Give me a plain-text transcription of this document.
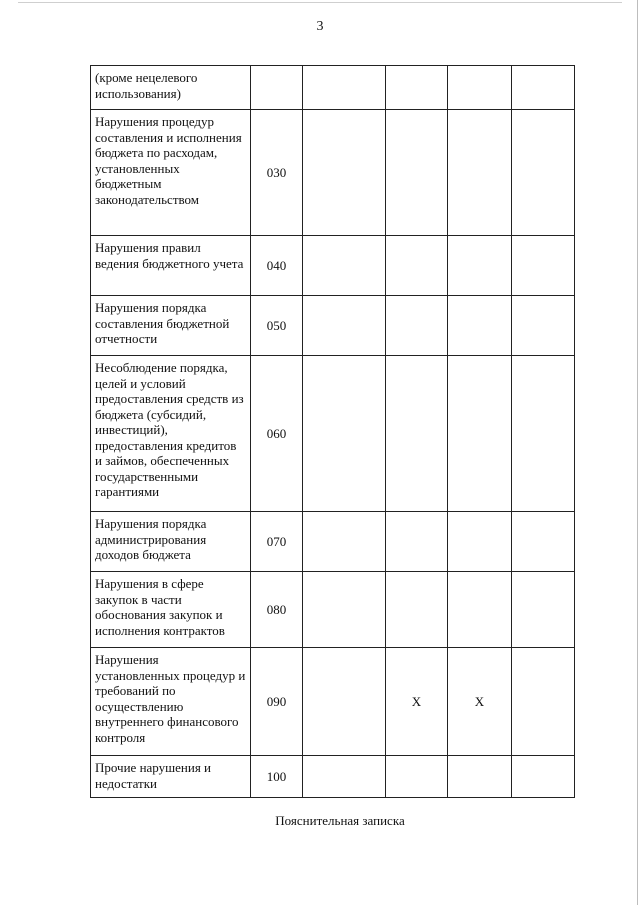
3
(кроме нецелевого использования)					
Нарушения процедур составления и исполнения бюджета по расходам, установленных бюджетным законодательством	030				
Нарушения правил ведения бюджетного учета	040				
Нарушения порядка составления бюджетной отчетности	050				
Несоблюдение порядка, целей и условий предоставления средств из бюджета (субсидий, инвестиций), предоставления кредитов и займов, обеспеченных государственными гарантиями	060				
Нарушения порядка администрирования доходов бюджета	070				
Нарушения в сфере закупок в части обоснования закупок и исполнения контрактов	080				
Нарушения установленных процедур и требований по осуществлению внутреннего финансового контроля	090		X	X	
Прочие нарушения и недостатки	100				
Пояснительная записка
